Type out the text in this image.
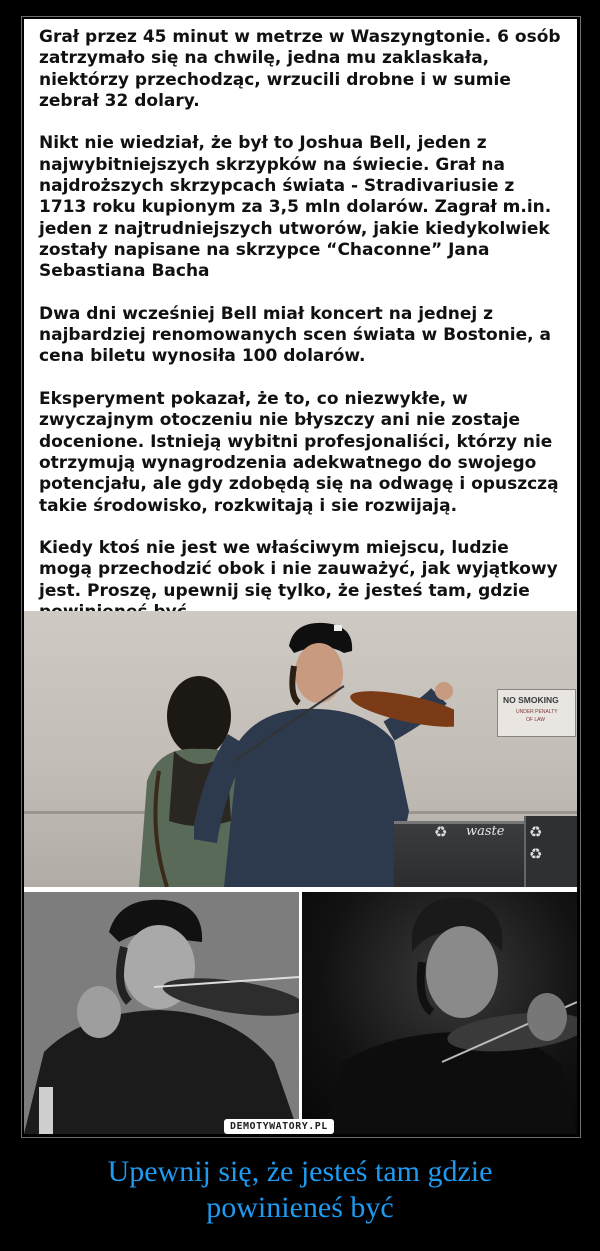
Grał przez 45 minut w metrze w Waszyngtonie. 6 osób zatrzymało się na chwilę, jedna mu zaklaskała, niektórzy przechodząc, wrzucili drobne i w sumie zebrał 32 dolary.

Nikt nie wiedział, że był to Joshua Bell, jeden z najwybitniejszych skrzypków na świecie. Grał na najdroższych skrzypcach świata - Stradivariusie z 1713 roku kupionym za 3,5 mln dolarów. Zagrał m.in. jeden z najtrudniejszych utworów, jakie kiedykolwiek zostały napisane na skrzypce “Chaconne” Jana Sebastiana Bacha

Dwa dni wcześniej Bell miał koncert na jednej z najbardziej renomowanych scen świata w Bostonie, a cena biletu wynosiła 100 dolarów.

Eksperyment pokazał, że to, co niezwykłe, w zwyczajnym otoczeniu nie błyszczy ani nie zostaje docenione. Istnieją wybitni profesjonaliści, którzy nie otrzymują wynagrodzenia adekwatnego do swojego potencjału, ale gdy zdobędą się na odwagę i opuszczą takie środowisko, rozkwitają i sie rozwijają.

Kiedy ktoś nie jest we właściwym miejscu, ludzie mogą przechodzić obok i nie zauważyć, jak wyjątkowy jest. Proszę, upewnij się tylko, że jesteś tam, gdzie

NO SMOKING
UNDER PENALTY
OF LAW
♻ waste ♻
♻
DEMOTYWATORY.PL
Upewnij się, że jesteś tam gdzie
powinieneś być
